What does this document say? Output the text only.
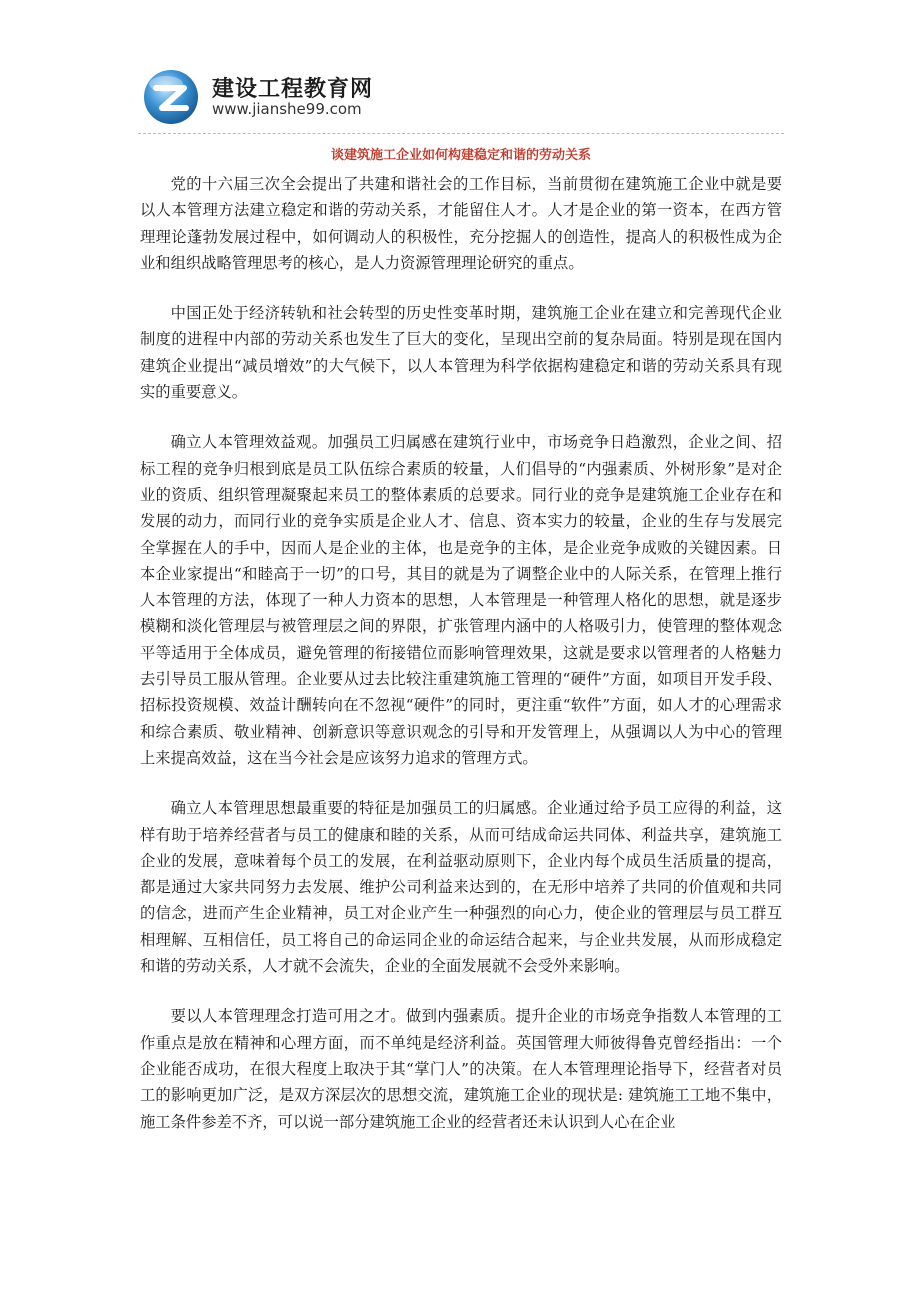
建设工程教育网
www.jianshe99.com
谈建筑施工企业如何构建稳定和谐的劳动关系

党的十六届三次全会提出了共建和谐社会的工作目标，当前贯彻在建筑施工企业中就是要以人本管理方法建立稳定和谐的劳动关系，才能留住人才。人才是企业的第一资本，在西方管理理论蓬勃发展过程中，如何调动人的积极性，充分挖掘人的创造性，提高人的积极性成为企业和组织战略管理思考的核心，是人力资源管理理论研究的重点。

中国正处于经济转轨和社会转型的历史性变革时期，建筑施工企业在建立和完善现代企业制度的进程中内部的劳动关系也发生了巨大的变化，呈现出空前的复杂局面。特别是现在国内建筑企业提出“减员增效”的大气候下，以人本管理为科学依据构建稳定和谐的劳动关系具有现实的重要意义。

确立人本管理效益观。加强员工归属感在建筑行业中，市场竞争日趋激烈，企业之间、招标工程的竞争归根到底是员工队伍综合素质的较量，人们倡导的“内强素质、外树形象”是对企业的资质、组织管理凝聚起来员工的整体素质的总要求。同行业的竞争是建筑施工企业存在和发展的动力，而同行业的竞争实质是企业人才、信息、资本实力的较量，企业的生存与发展完全掌握在人的手中，因而人是企业的主体，也是竞争的主体，是企业竞争成败的关键因素。日本企业家提出“和睦高于一切”的口号，其目的就是为了调整企业中的人际关系，在管理上推行人本管理的方法，体现了一种人力资本的思想，人本管理是一种管理人格化的思想，就是逐步模糊和淡化管理层与被管理层之间的界限，扩张管理内涵中的人格吸引力，使管理的整体观念平等适用于全体成员，避免管理的衔接错位而影响管理效果，这就是要求以管理者的人格魅力去引导员工服从管理。企业要从过去比较注重建筑施工管理的“硬件”方面，如项目开发手段、招标投资规模、效益计酬转向在不忽视“硬件”的同时，更注重“软件”方面，如人才的心理需求和综合素质、敬业精神、创新意识等意识观念的引导和开发管理上，从强调以人为中心的管理上来提高效益，这在当今社会是应该努力追求的管理方式。

确立人本管理思想最重要的特征是加强员工的归属感。企业通过给予员工应得的利益，这样有助于培养经营者与员工的健康和睦的关系，从而可结成命运共同体、利益共享，建筑施工企业的发展，意味着每个员工的发展，在利益驱动原则下，企业内每个成员生活质量的提高，都是通过大家共同努力去发展、维护公司利益来达到的，在无形中培养了共同的价值观和共同的信念，进而产生企业精神，员工对企业产生一种强烈的向心力，使企业的管理层与员工群互相理解、互相信任，员工将自己的命运同企业的命运结合起来，与企业共发展，从而形成稳定和谐的劳动关系，人才就不会流失，企业的全面发展就不会受外来影响。

要以人本管理理念打造可用之才。做到内强素质。提升企业的市场竞争指数人本管理的工作重点是放在精神和心理方面，而不单纯是经济利益。英国管理大师彼得鲁克曾经指出：一个企业能否成功，在很大程度上取决于其“掌门人”的决策。在人本管理理论指导下，经营者对员工的影响更加广泛，是双方深层次的思想交流，建筑施工企业的现状是: 建筑施工工地不集中，施工条件参差不齐，可以说一部分建筑施工企业的经营者还未认识到人心在企业
